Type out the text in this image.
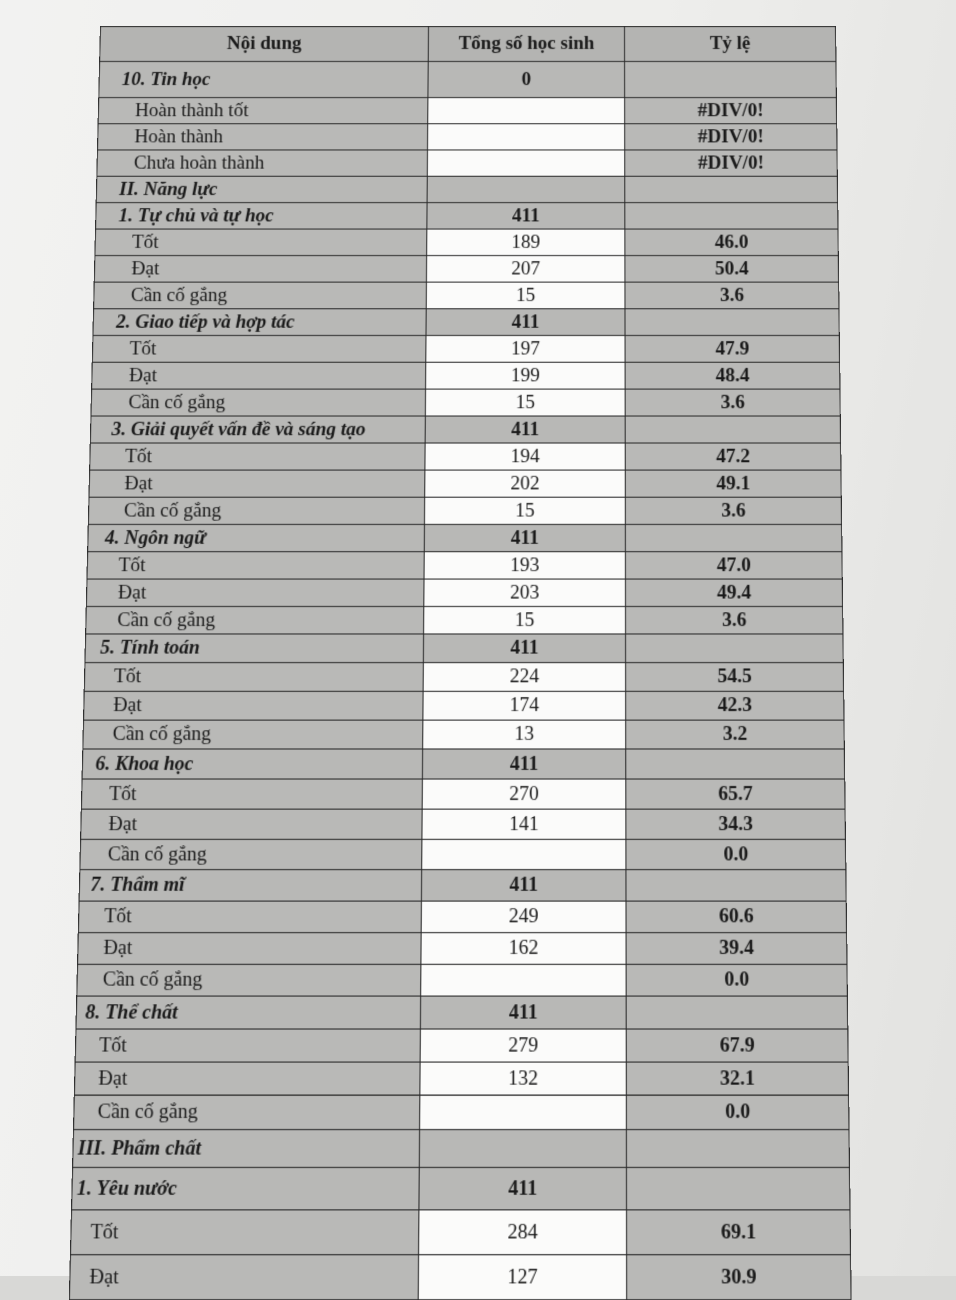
Nội dung	Tổng số học sinh	Tỷ lệ
10. Tin học	0	
Hoàn thành tốt		#DIV/0!
Hoàn thành		#DIV/0!
Chưa hoàn thành		#DIV/0!
II. Năng lực		
1. Tự chủ và tự học	411	
Tốt	189	46.0
Đạt	207	50.4
Cần cố gắng	15	3.6
2. Giao tiếp và hợp tác	411	
Tốt	197	47.9
Đạt	199	48.4
Cần cố gắng	15	3.6
3. Giải quyết vấn đề và sáng tạo	411	
Tốt	194	47.2
Đạt	202	49.1
Cần cố gắng	15	3.6
4. Ngôn ngữ	411	
Tốt	193	47.0
Đạt	203	49.4
Cần cố gắng	15	3.6
5. Tính toán	411	
Tốt	224	54.5
Đạt	174	42.3
Cần cố gắng	13	3.2
6. Khoa học	411	
Tốt	270	65.7
Đạt	141	34.3
Cần cố gắng		0.0
7. Thẩm mĩ	411	
Tốt	249	60.6
Đạt	162	39.4
Cần cố gắng		0.0
8. Thể chất	411	
Tốt	279	67.9
Đạt	132	32.1
Cần cố gắng		0.0
III. Phẩm chất		
1. Yêu nước	411	
Tốt	284	69.1
Đạt	127	30.9
